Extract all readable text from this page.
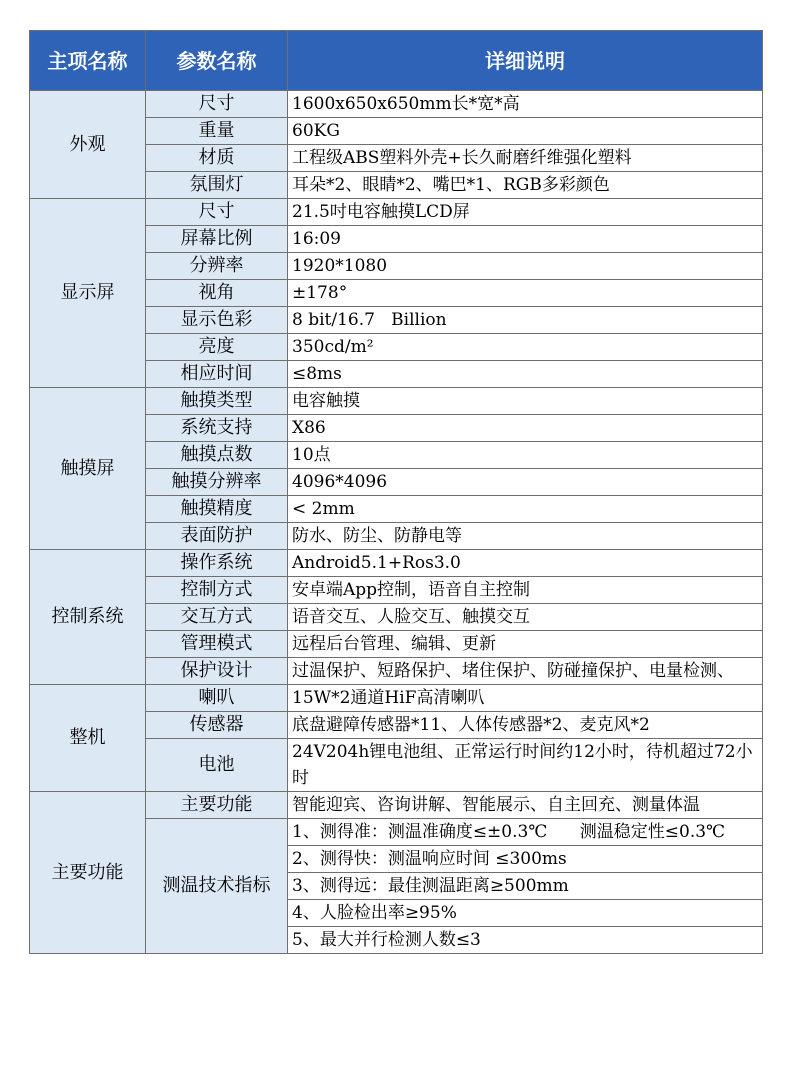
主项名称	参数名称	详细说明
外观	尺寸	1600x650x650mm长*宽*高
	重量	60KG
	材质	工程级ABS塑料外壳+长久耐磨纤维强化塑料
	氛围灯	耳朵*2、眼睛*2、嘴巴*1、RGB多彩颜色
显示屏	尺寸	21.5吋电容触摸LCD屏
	屏幕比例	16:09
	分辨率	1920*1080
	视角	±178°
	显示色彩	8 bit/16.7   Billion
	亮度	350cd/m²
	相应时间	≤8ms
触摸屏	触摸类型	电容触摸
	系统支持	X86
	触摸点数	10点
	触摸分辨率	4096*4096
	触摸精度	< 2mm
	表面防护	防水、防尘、防静电等
控制系统	操作系统	Android5.1+Ros3.0
	控制方式	安卓端App控制，语音自主控制
	交互方式	语音交互、人脸交互、触摸交互
	管理模式	远程后台管理、编辑、更新
	保护设计	过温保护、短路保护、堵住保护、防碰撞保护、电量检测、
整机	喇叭	15W*2通道HiF高清喇叭
	传感器	底盘避障传感器*11、人体传感器*2、麦克风*2
	电池	24V204h锂电池组、正常运行时间约12小时，待机超过72小时
主要功能	主要功能	智能迎宾、咨询讲解、智能展示、自主回充、测量体温
	测温技术指标	1、测得准：测温准确度≤±0.3℃      测温稳定性≤0.3℃
		2、测得快：测温响应时间 ≤300ms
		3、测得远：最佳测温距离≥500mm
		4、人脸检出率≥95%
		5、最大并行检测人数≤3
